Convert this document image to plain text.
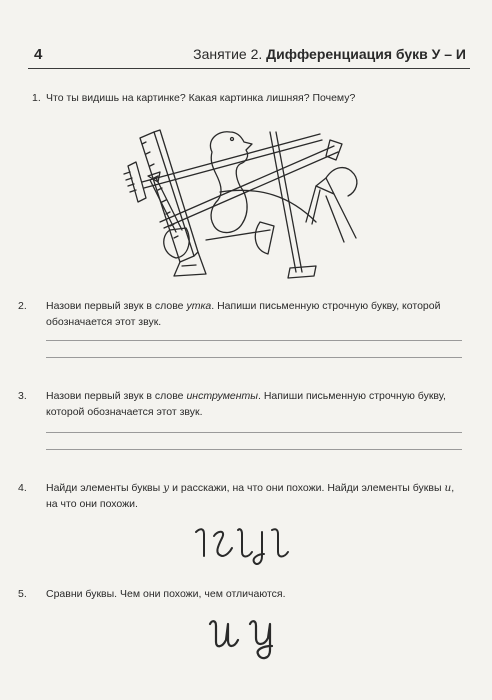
4	Занятие 2. Дифференциация букв У – И
1. Что ты видишь на картинке? Какая картинка лишняя? Почему?
2. Назови первый звук в слове утка. Напиши письменную строчную букву, которой обозначается этот звук.
3. Назови первый звук в слове инструменты. Напиши письменную строчную букву, которой обозначается этот звук.
4. Найди элементы буквы у и расскажи, на что они похожи. Найди элементы буквы и, на что они похожи.
5. Сравни буквы. Чем они похожи, чем отличаются.
